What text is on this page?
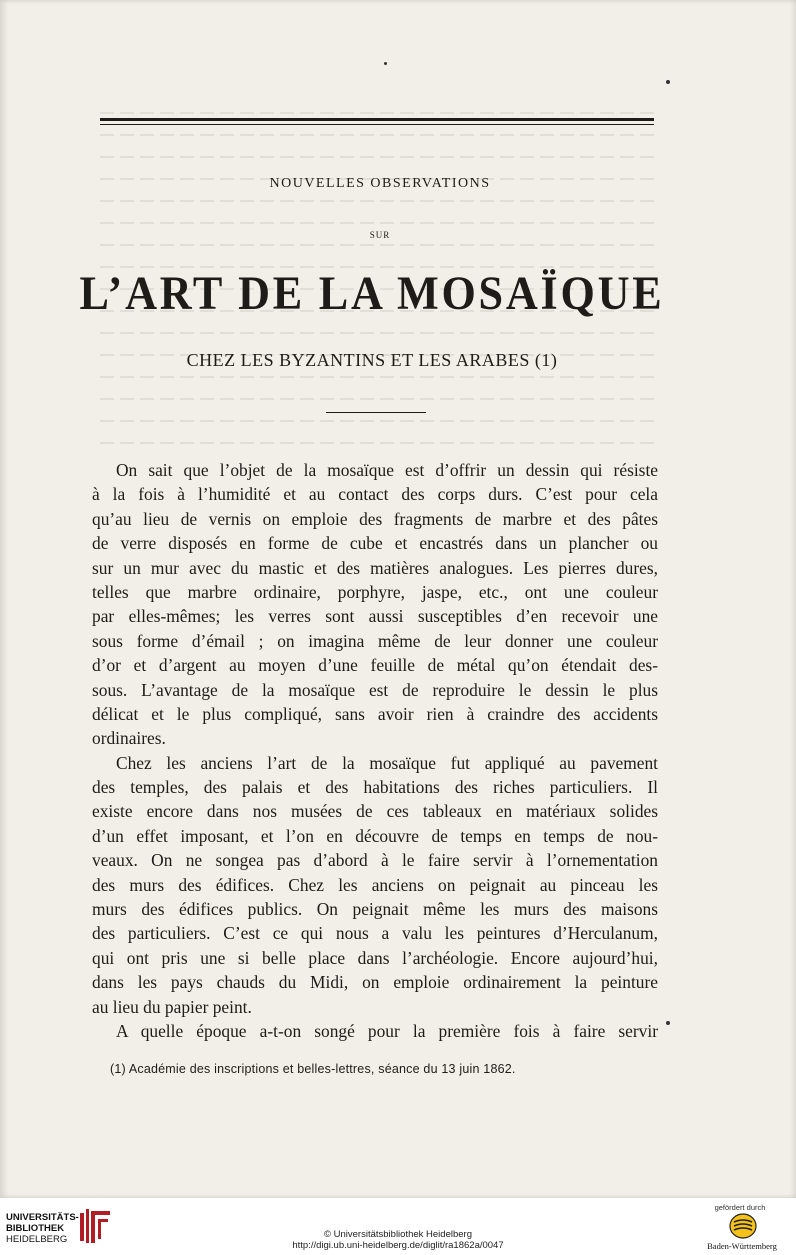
NOUVELLES OBSERVATIONS
SUR
L’ART DE LA MOSAÏQUE
CHEZ LES BYZANTINS ET LES ARABES (1)
On sait que l’objet de la mosaïque est d’offrir un dessin qui résiste
à la fois à l’humidité et au contact des corps durs. C’est pour cela
qu’au lieu de vernis on emploie des fragments de marbre et des pâtes
de verre disposés en forme de cube et encastrés dans un plancher ou
sur un mur avec du mastic et des matières analogues. Les pierres dures,
telles que marbre ordinaire, porphyre, jaspe, etc., ont une couleur
par elles-mêmes; les verres sont aussi susceptibles d’en recevoir une
sous forme d’émail ; on imagina même de leur donner une couleur
d’or et d’argent au moyen d’une feuille de métal qu’on étendait des-
sous. L’avantage de la mosaïque est de reproduire le dessin le plus
délicat et le plus compliqué, sans avoir rien à craindre des accidents
ordinaires.
Chez les anciens l’art de la mosaïque fut appliqué au pavement
des temples, des palais et des habitations des riches particuliers. Il
existe encore dans nos musées de ces tableaux en matériaux solides
d’un effet imposant, et l’on en découvre de temps en temps de nou-
veaux. On ne songea pas d’abord à le faire servir à l’ornementation
des murs des édifices. Chez les anciens on peignait au pinceau les
murs des édifices publics. On peignait même les murs des maisons
des particuliers. C’est ce qui nous a valu les peintures d’Herculanum,
qui ont pris une si belle place dans l’archéologie. Encore aujourd’hui,
dans les pays chauds du Midi, on emploie ordinairement la peinture
au lieu du papier peint.
A quelle époque a-t-on songé pour la première fois à faire servir
(1) Académie des inscriptions et belles-lettres, séance du 13 juin 1862.
UNIVERSITÄTS-
BIBLIOTHEK
HEIDELBERG	© Universitätsbibliothek Heidelberg
http://digi.ub.uni-heidelberg.de/diglit/ra1862a/0047
gefördert durch
Baden-Württemberg
